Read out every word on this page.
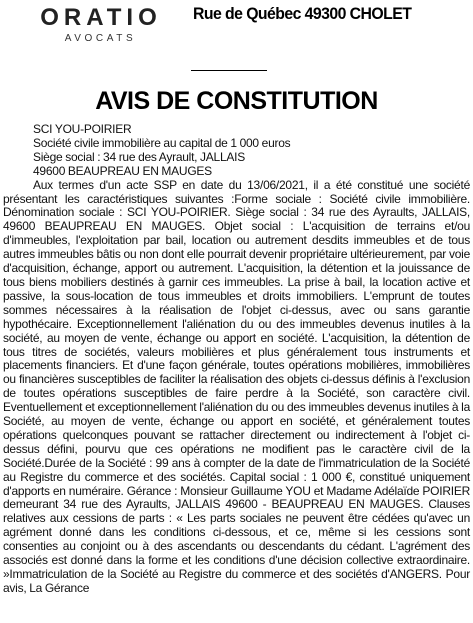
ORATIO
AVOCATS
Rue de Québec 49300 CHOLET
AVIS DE CONSTITUTION
SCI YOU-POIRIER
Société civile immobilière au capital de 1 000 euros
Siège social : 34 rue des Ayrault, JALLAIS
49600 BEAUPREAU EN MAUGES

Aux termes d'un acte SSP en date du 13/06/2021, il a été constitué une société présentant les caractéristiques suivantes :Forme sociale : Société civile immobilière. Dénomination sociale : SCI YOU-POIRIER. Siège social : 34 rue des Ayraults, JALLAIS, 49600 BEAUPREAU EN MAUGES. Objet social : L'acquisition de terrains et/ou d'immeubles, l'exploitation par bail, location ou autrement desdits immeubles et de tous autres immeubles bâtis ou non dont elle pourrait devenir propriétaire ultérieurement, par voie d'acquisition, échange, apport ou autrement. L'acquisition, la détention et la jouissance de tous biens mobiliers destinés à garnir ces immeubles. La prise à bail, la location active et passive, la sous-location de tous immeubles et droits immobiliers. L'emprunt de toutes sommes nécessaires à la réalisation de l'objet ci-dessus, avec ou sans garantie hypothécaire. Exceptionnellement l'aliénation du ou des immeubles devenus inutiles à la société, au moyen de vente, échange ou apport en société. L'acquisition, la détention de tous titres de sociétés, valeurs mobilières et plus généralement tous instruments et placements financiers. Et d'une façon générale, toutes opérations mobilières, immobilières ou financières susceptibles de faciliter la réalisation des objets ci-dessus définis à l'exclusion de toutes opérations susceptibles de faire perdre à la Société, son caractère civil. Eventuellement et exceptionnellement l'aliénation du ou des immeubles devenus inutiles à la Société, au moyen de vente, échange ou apport en société, et généralement toutes opérations quelconques pouvant se rattacher directement ou indirectement à l'objet ci-dessus défini, pourvu que ces opérations ne modifient pas le caractère civil de la Société.Durée de la Société : 99 ans à compter de la date de l'immatriculation de la Société au Registre du commerce et des sociétés. Capital social : 1 000 €, constitué uniquement d'apports en numéraire. Gérance : Monsieur Guillaume YOU et Madame Adélaïde POIRIER demeurant 34 rue des Ayraults, JALLAIS 49600 - BEAUPREAU EN MAUGES. Clauses relatives aux cessions de parts : « Les parts sociales ne peuvent être cédées qu'avec un agrément donné dans les conditions ci-dessous, et ce, même si les cessions sont consenties au conjoint ou à des ascendants ou descendants du cédant. L'agrément des associés est donné dans la forme et les conditions d'une décision collective extraordinaire. »Immatriculation de la Société au Registre du commerce et des sociétés d'ANGERS. Pour avis, La Gérance
